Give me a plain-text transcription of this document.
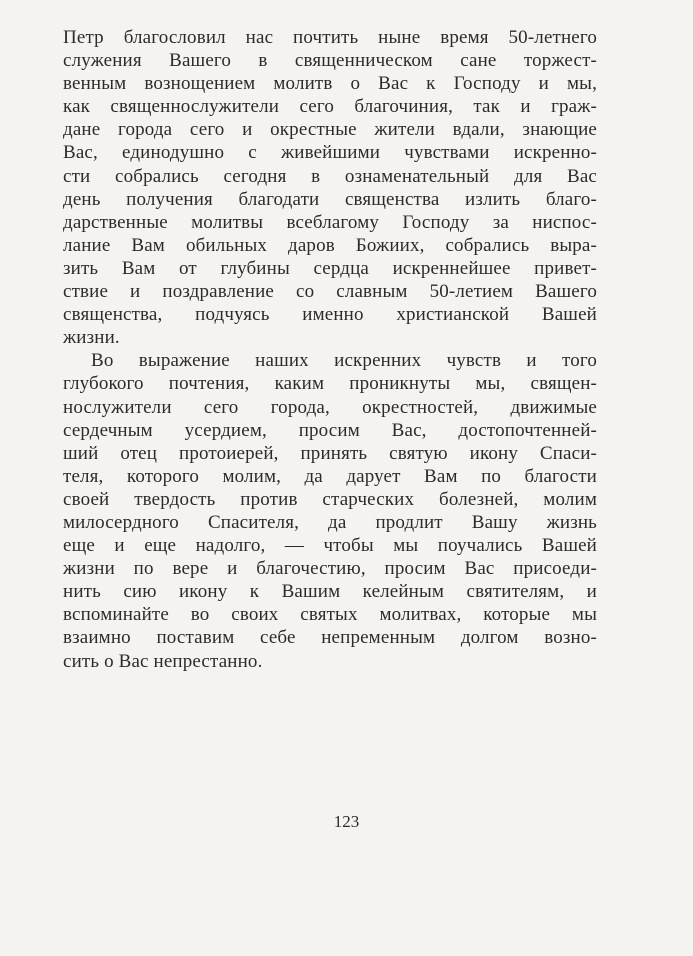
Петр благословил нас почтить ныне время 50-летнего
служения Вашего в священническом сане торжест-
венным вознощением молитв о Вас к Господу и мы,
как священнослужители сего благочиния, так и граж-
дане города сего и окрестные жители вдали, знающие
Вас, единодушно с живейшими чувствами искренно-
сти собрались сегодня в ознаменательный для Вас
день получения благодати священства излить благо-
дарственные молитвы всеблагому Господу за ниспос-
лание Вам обильных даров Божиих, собрались выра-
зить Вам от глубины сердца искреннейшее привет-
ствие и поздравление со славным 50-летием Вашего
священства, подчуясь именно христианской Вашей
жизни.
Во выражение наших искренних чувств и того
глубокого почтения, каким проникнуты мы, священ-
нослужители сего города, окрестностей, движимые
сердечным усердием, просим Вас, достопочтенней-
ший отец протоиерей, принять святую икону Спаси-
теля, которого молим, да дарует Вам по благости
своей твердость против старческих болезней, молим
милосердного Спасителя, да продлит Вашу жизнь
еще и еще надолго, — чтобы мы поучались Вашей
жизни по вере и благочестию, просим Вас присоеди-
нить сию икону к Вашим келейным святителям, и
вспоминайте во своих святых молитвах, которые мы
взаимно поставим себе непременным долгом возно-
сить о Вас непрестанно.
123
